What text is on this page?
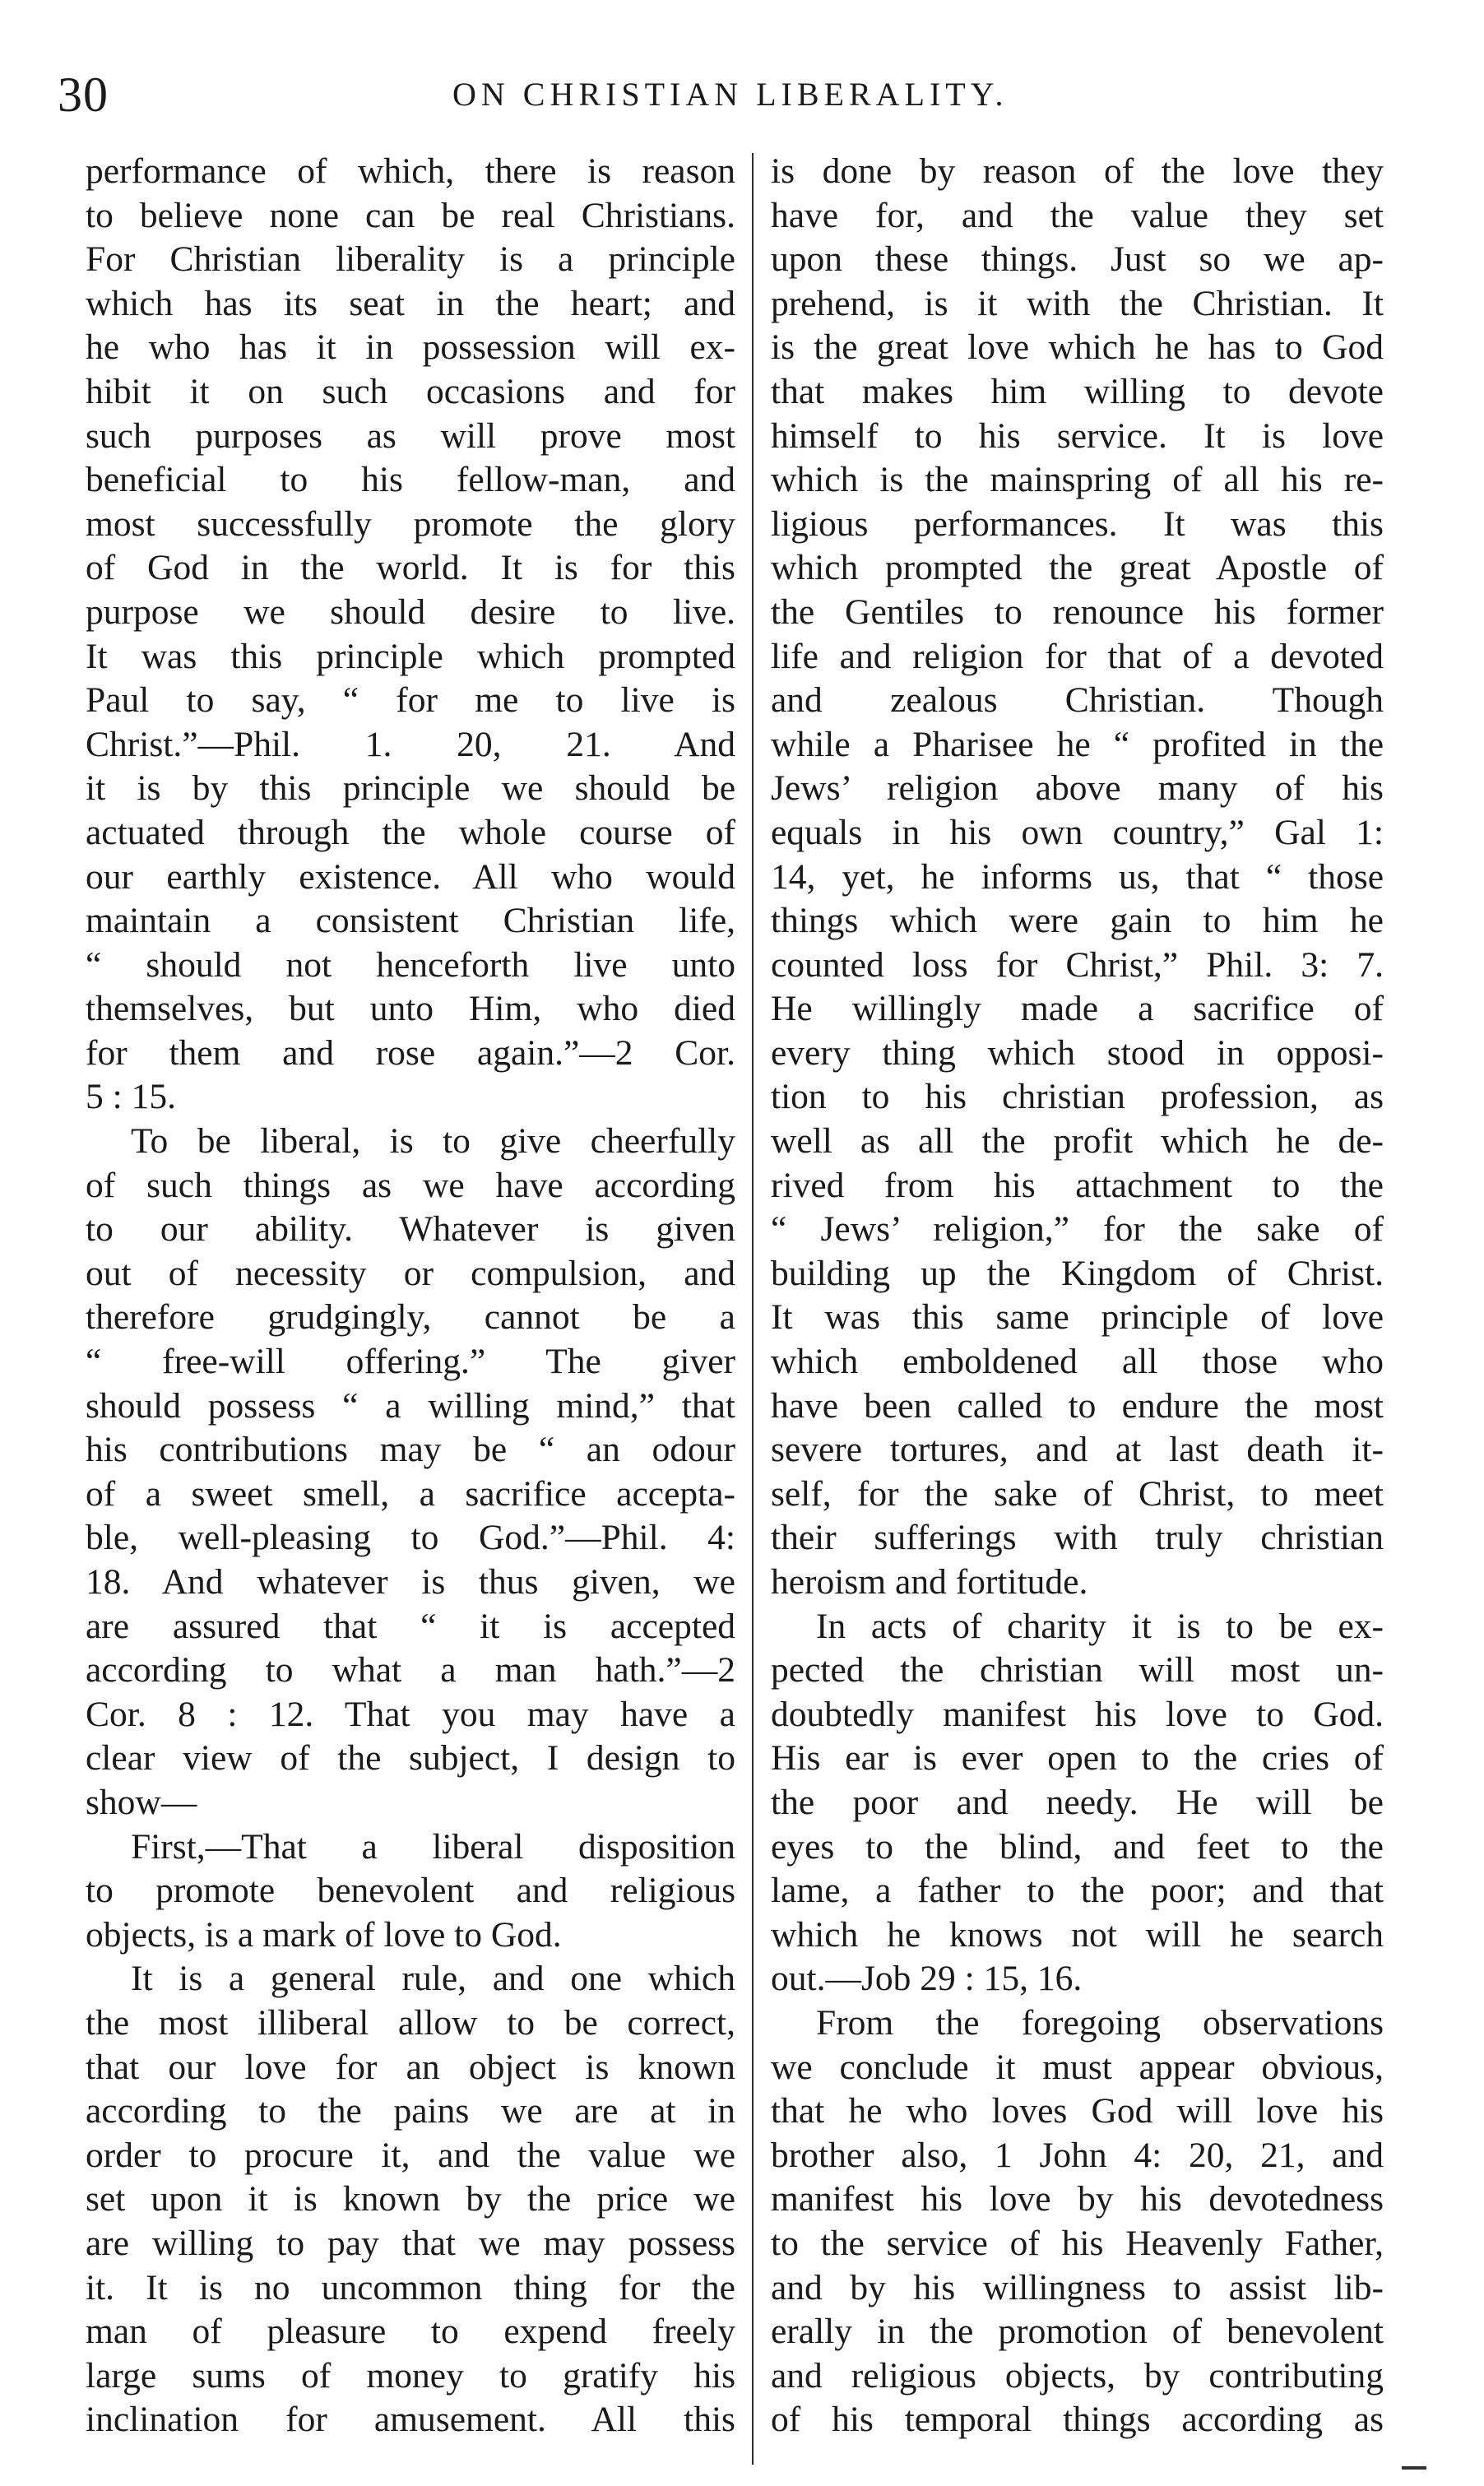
30	ON CHRISTIAN LIBERALITY.
performance of which, there is reason
to believe none can be real Christians.
For Christian liberality is a principle
which has its seat in the heart; and
he who has it in possession will ex-
hibit it on such occasions and for
such purposes as will prove most
beneficial to his fellow-man, and
most successfully promote the glory
of God in the world. It is for this
purpose we should desire to live.
It was this principle which prompted
Paul to say, “ for me to live is
Christ.”—Phil. 1. 20, 21. And
it is by this principle we should be
actuated through the whole course of
our earthly existence. All who would
maintain a consistent Christian life,
“ should not henceforth live unto
themselves, but unto Him, who died
for them and rose again.”—2 Cor.
5 : 15.
To be liberal, is to give cheerfully
of such things as we have according
to our ability. Whatever is given
out of necessity or compulsion, and
therefore grudgingly, cannot be a
“ free-will offering.” The giver
should possess “ a willing mind,” that
his contributions may be “ an odour
of a sweet smell, a sacrifice accepta-
ble, well-pleasing to God.”—Phil. 4:
18. And whatever is thus given, we
are assured that “ it is accepted
according to what a man hath.”—2
Cor. 8 : 12. That you may have a
clear view of the subject, I design to
show—
First,—That a liberal disposition
to promote benevolent and religious
objects, is a mark of love to God.
It is a general rule, and one which
the most illiberal allow to be correct,
that our love for an object is known
according to the pains we are at in
order to procure it, and the value we
set upon it is known by the price we
are willing to pay that we may possess
it. It is no uncommon thing for the
man of pleasure to expend freely
large sums of money to gratify his
inclination for amusement. All this
is done by reason of the love they
have for, and the value they set
upon these things. Just so we ap-
prehend, is it with the Christian. It
is the great love which he has to God
that makes him willing to devote
himself to his service. It is love
which is the mainspring of all his re-
ligious performances. It was this
which prompted the great Apostle of
the Gentiles to renounce his former
life and religion for that of a devoted
and zealous Christian. Though
while a Pharisee he “ profited in the
Jews’ religion above many of his
equals in his own country,” Gal 1:
14, yet, he informs us, that “ those
things which were gain to him he
counted loss for Christ,” Phil. 3: 7.
He willingly made a sacrifice of
every thing which stood in opposi-
tion to his christian profession, as
well as all the profit which he de-
rived from his attachment to the
“ Jews’ religion,” for the sake of
building up the Kingdom of Christ.
It was this same principle of love
which emboldened all those who
have been called to endure the most
severe tortures, and at last death it-
self, for the sake of Christ, to meet
their sufferings with truly christian
heroism and fortitude.
In acts of charity it is to be ex-
pected the christian will most un-
doubtedly manifest his love to God.
His ear is ever open to the cries of
the poor and needy. He will be
eyes to the blind, and feet to the
lame, a father to the poor; and that
which he knows not will he search
out.—Job 29 : 15, 16.
From the foregoing observations
we conclude it must appear obvious,
that he who loves God will love his
brother also, 1 John 4: 20, 21, and
manifest his love by his devotedness
to the service of his Heavenly Father,
and by his willingness to assist lib-
erally in the promotion of benevolent
and religious objects, by contributing
of his temporal things according as
